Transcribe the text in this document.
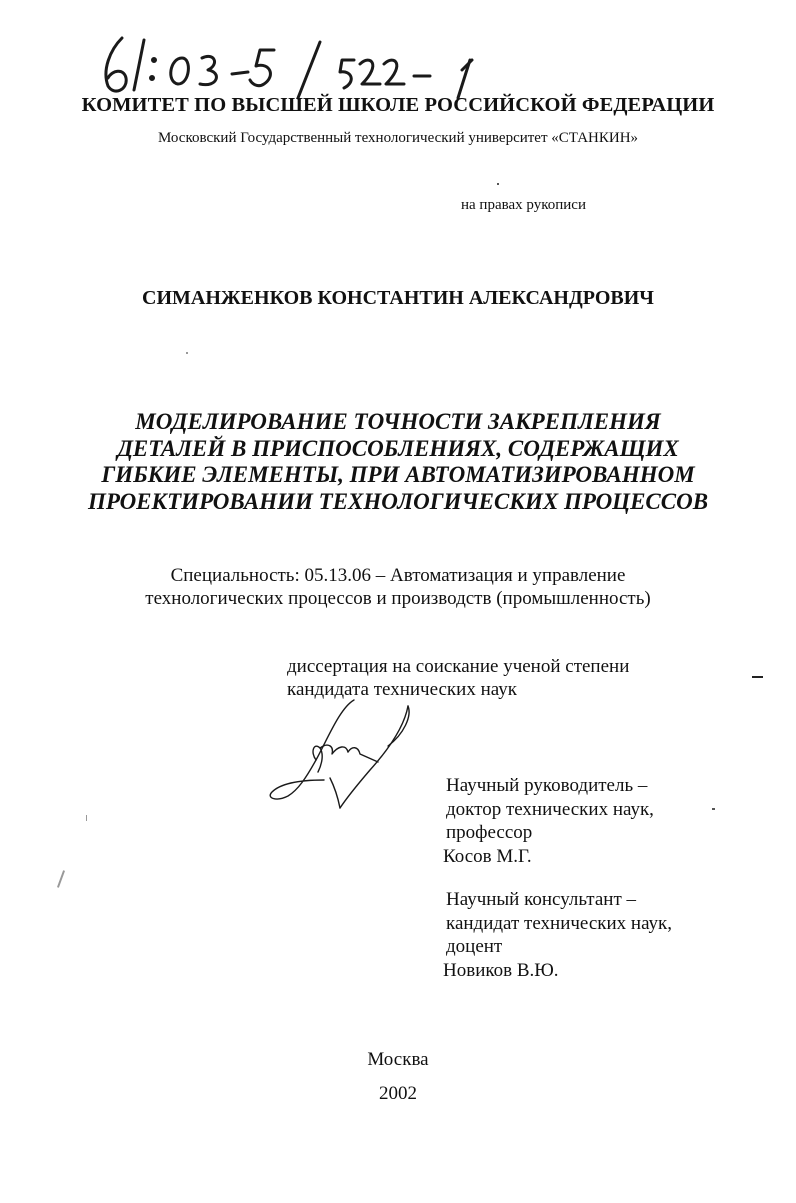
КОМИТЕТ ПО ВЫСШЕЙ ШКОЛЕ РОССИЙСКОЙ ФЕДЕРАЦИИ
Московский Государственный технологический университет «СТАНКИН»
на правах рукописи
СИМАНЖЕНКОВ КОНСТАНТИН АЛЕКСАНДРОВИЧ
МОДЕЛИРОВАНИЕ ТОЧНОСТИ ЗАКРЕПЛЕНИЯ
ДЕТАЛЕЙ В ПРИСПОСОБЛЕНИЯХ, СОДЕРЖАЩИХ
ГИБКИЕ ЭЛЕМЕНТЫ, ПРИ АВТОМАТИЗИРОВАННОМ
ПРОЕКТИРОВАНИИ ТЕХНОЛОГИЧЕСКИХ ПРОЦЕССОВ
Специальность: 05.13.06 – Автоматизация и управление
технологических процессов и производств (промышленность)
диссертация на соискание ученой степени
кандидата технических наук
Научный руководитель –
доктор технических наук,
профессор
Косов М.Г.
Научный консультант –
кандидат технических наук,
доцент
Новиков В.Ю.
Москва
2002
